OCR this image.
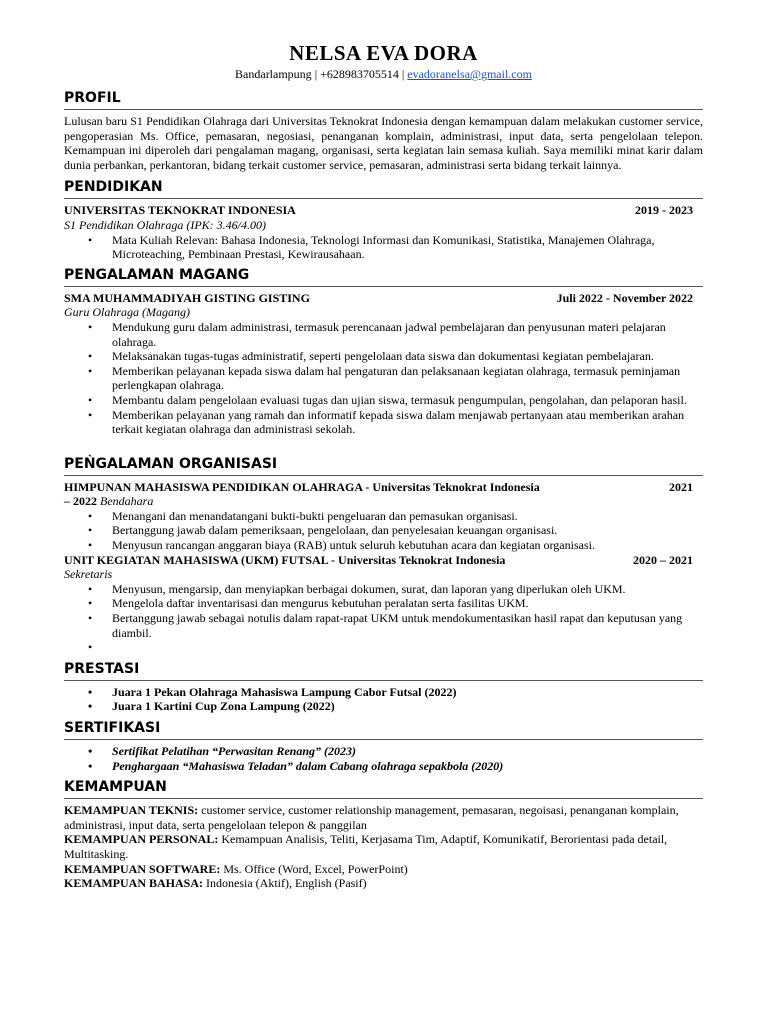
NELSA EVA DORA
Bandarlampung | +628983705514 | evadoranelsa@gmail.com
PROFIL

Lulusan baru S1 Pendidikan Olahraga dari Universitas Teknokrat Indonesia dengan kemampuan dalam melakukan customer service, pengoperasian Ms. Office, pemasaran, negosiasi, penanganan komplain, administrasi, input data, serta pengelolaan telepon. Kemampuan ini diperoleh dari pengalaman magang, organisasi, serta kegiatan lain semasa kuliah. Saya memiliki minat karir dalam dunia perbankan, perkantoran, bidang terkait customer service, pemasaran, administrasi serta bidang terkait lainnya.

PENDIDIKAN
UNIVERSITAS TEKNOKRAT INDONESIA	2019 - 2023
S1 Pendidikan Olahraga (IPK: 3.46/4.00)
• Mata Kuliah Relevan: Bahasa Indonesia, Teknologi Informasi dan Komunikasi, Statistika, Manajemen Olahraga, Microteaching, Pembinaan Prestasi, Kewirausahaan.
PENGALAMAN MAGANG
SMA MUHAMMADIYAH GISTING GISTING	Juli 2022 - November 2022
Guru Olahraga (Magang)
• Mendukung guru dalam administrasi, termasuk perencanaan jadwal pembelajaran dan penyusunan materi pelajaran olahraga.
• Melaksanakan tugas-tugas administratif, seperti pengelolaan data siswa dan dokumentasi kegiatan pembelajaran.
• Memberikan pelayanan kepada siswa dalam hal pengaturan dan pelaksanaan kegiatan olahraga, termasuk peminjaman perlengkapan olahraga.
• Membantu dalam pengelolaan evaluasi tugas dan ujian siswa, termasuk pengumpulan, pengolahan, dan pelaporan hasil.
• Memberikan pelayanan yang ramah dan informatif kepada siswa dalam menjawab pertanyaan atau memberikan arahan terkait kegiatan olahraga dan administrasi sekolah.
PEǸGALAMAN ORGANISASI
HIMPUNAN MAHASISWA PENDIDIKAN OLAHRAGA - Universitas Teknokrat Indonesia	2021
– 2022 Bendahara
• Menangani dan menandatangani bukti-bukti pengeluaran dan pemasukan organisasi.
• Bertanggung jawab dalam pemeriksaan, pengelolaan, dan penyelesaian keuangan organisasi.
• Menyusun rancangan anggaran biaya (RAB) untuk seluruh kebutuhan acara dan kegiatan organisasi.
UNIT KEGIATAN MAHASISWA (UKM) FUTSAL - Universitas Teknokrat Indonesia	2020 – 2021
Sekretaris
• Menyusun, mengarsip, dan menyiapkan berbagai dokumen, surat, dan laporan yang diperlukan oleh UKM.
• Mengelola daftar inventarisasi dan mengurus kebutuhan peralatan serta fasilitas UKM.
• Bertanggung jawab sebagai notulis dalam rapat-rapat UKM untuk mendokumentasikan hasil rapat dan keputusan yang diambil.
•
PRESTASI
• Juara 1 Pekan Olahraga Mahasiswa Lampung Cabor Futsal (2022)
• Juara 1 Kartini Cup Zona Lampung (2022)
SERTIFIKASI
• Sertifikat Pelatihan “Perwasitan Renang” (2023)
• Penghargaan “Mahasiswa Teladan” dalam Cabang olahraga sepakbola (2020)
KEMAMPUAN

KEMAMPUAN TEKNIS: customer service, customer relationship management, pemasaran, negoisasi, penanganan komplain, administrasi, input data, serta pengelolaan telepon & panggilan

KEMAMPUAN PERSONAL: Kemampuan Analisis, Teliti, Kerjasama Tim, Adaptif, Komunikatif, Berorientasi pada detail, Multitasking.

KEMAMPUAN SOFTWARE: Ms. Office (Word, Excel, PowerPoint)

KEMAMPUAN BAHASA: Indonesia (Aktif), English (Pasif)
